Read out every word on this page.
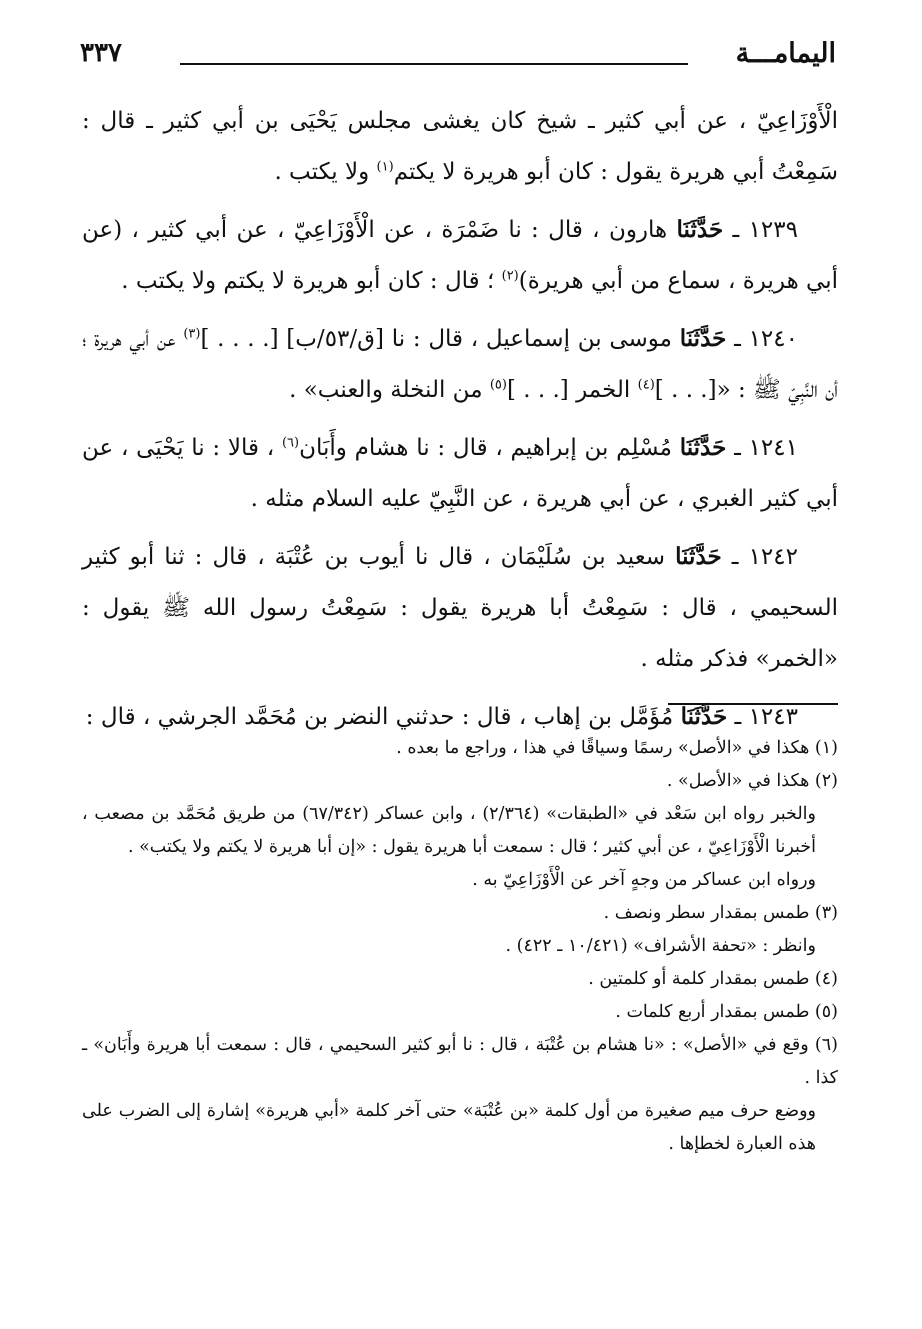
اليمامـــة
٣٣٧

الْأَوْزَاعِيّ ، عن أبي كثير ـ شيخ كان يغشى مجلس يَحْيَى بن أبي كثير ـ قال : سَمِعْتُ أبي هريرة يقول : كان أبو هريرة لا يكتم$^{(١)}$ ولا يكتب .

١٢٣٩ ـ حَدَّثَنَا هارون ، قال : نا ضَمْرَة ، عن الْأَوْزَاعِيّ ، عن أبي كثير ، (عن أبي هريرة ، سماع من أبي هريرة)$^{(٢)}$ ؛ قال : كان أبو هريرة لا يكتم ولا يكتب .

١٢٤٠ ـ حَدَّثَنَا موسى بن إسماعيل ، قال : نا [ق/٥٣/ب] [. . . . ]$^{(٣)}$ عن أبي هريرة ؛ أن النَّبِيّ ﷺ : «[. . . ]$^{(٤)}$ الخمر [. . . ]$^{(٥)}$ من النخلة والعنب» .

١٢٤١ ـ حَدَّثَنَا مُسْلِم بن إبراهيم ، قال : نا هشام وأَبَان$^{(٦)}$ ، قالا : نا يَحْيَى ، عن أبي كثير الغبري ، عن أبي هريرة ، عن النَّبِيّ عليه السلام مثله .

١٢٤٢ ـ حَدَّثَنَا سعيد بن سُلَيْمَان ، قال نا أيوب بن عُتْبَة ، قال : ثنا أبو كثير السحيمي ، قال : سَمِعْتُ أبا هريرة يقول : سَمِعْتُ رسول الله ﷺ يقول : «الخمر» فذكر مثله .

١٢٤٣ ـ حَدَّثَنَا مُؤَمَّل بن إهاب ، قال : حدثني النضر بن مُحَمَّد الجرشي ، قال :

(١) هكذا في «الأصل» رسمًا وسياقًا في هذا ، وراجع ما بعده .

(٢) هكذا في «الأصل» .

والخبر رواه ابن سَعْد في «الطبقات» (٢/٣٦٤) ، وابن عساكر (٦٧/٣٤٢) من طريق مُحَمَّد بن مصعب ، أخبرنا الْأَوْزَاعِيّ ، عن أبي كثير ؛ قال : سمعت أبا هريرة يقول : «إن أبا هريرة لا يكتم ولا يكتب» .

ورواه ابن عساكر من وجهٍ آخر عن الْأَوْزَاعِيّ به .

(٣) طمس بمقدار سطر ونصف .

وانظر : «تحفة الأشراف» (١٠/٤٢١ ـ ٤٢٢) .

(٤) طمس بمقدار كلمة أو كلمتين .

(٥) طمس بمقدار أربع كلمات .

(٦) وقع في «الأصل» : «نا هشام بن عُتْبَة ، قال : نا أبو كثير السحيمي ، قال : سمعت أبا هريرة وأَبَان» ـ كذا .

ووضع حرف ميم صغيرة من أول كلمة «بن عُتْبَة» حتى آخر كلمة «أبي هريرة» إشارة إلى الضرب على هذه العبارة لخطإها .
